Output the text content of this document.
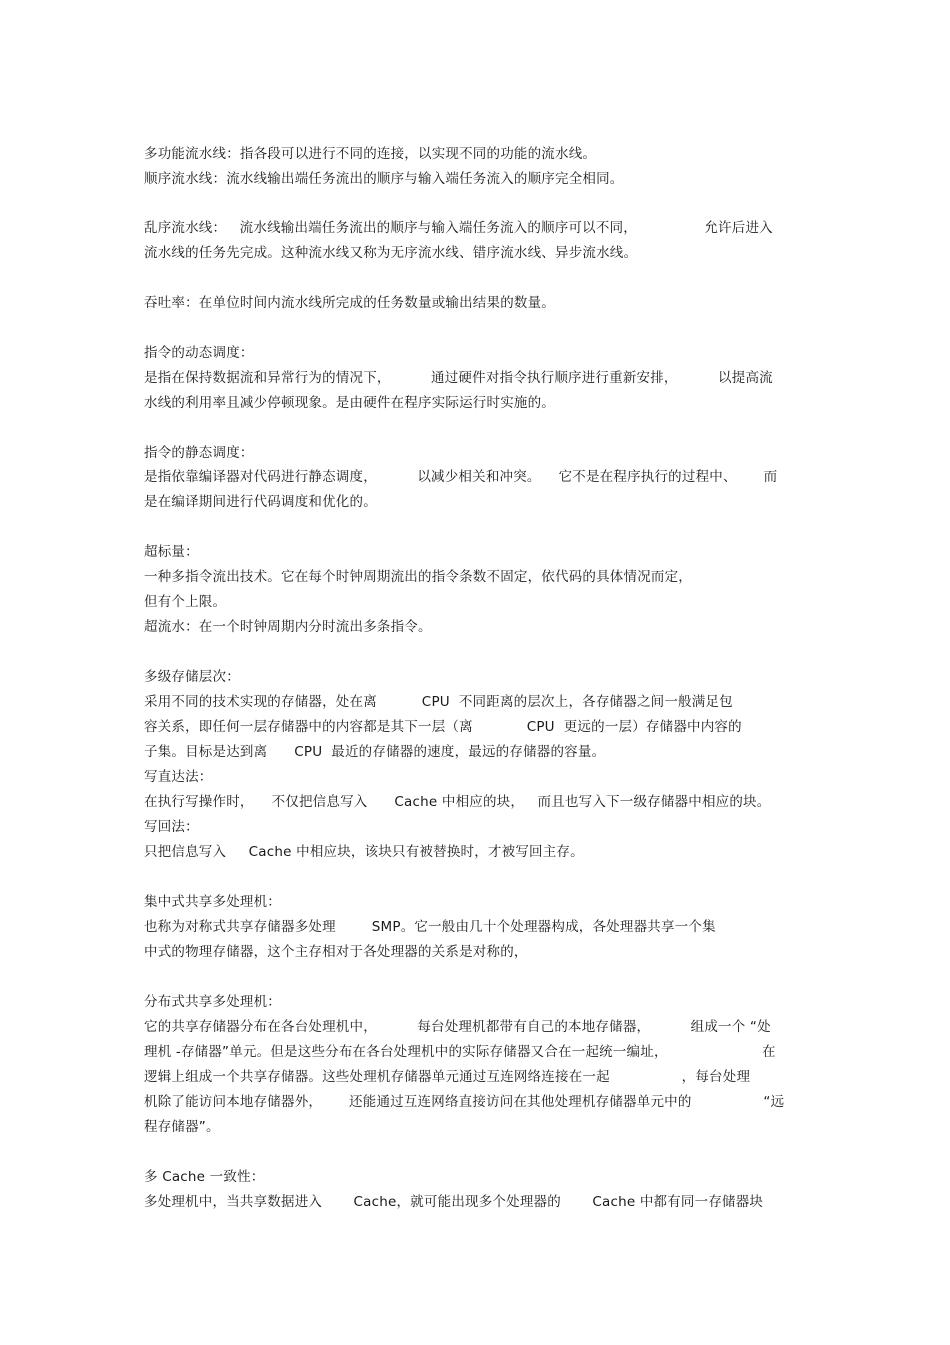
多功能流水线：指各段可以进行不同的连接，以实现不同的功能的流水线。
顺序流水线：流水线输出端任务流出的顺序与输入端任务流入的顺序完全相同。
乱序流水线：   流水线输出端任务流出的顺序与输入端任务流入的顺序可以不同，               允许后进入
流水线的任务先完成。这种流水线又称为无序流水线、错序流水线、异步流水线。
吞吐率：在单位时间内流水线所完成的任务数量或输出结果的数量。
指令的动态调度：
是指在保持数据流和异常行为的情况下，         通过硬件对指令执行顺序进行重新安排，         以提高流
水线的利用率且减少停顿现象。是由硬件在程序实际运行时实施的。
指令的静态调度：
是指依靠编译器对代码进行静态调度，         以减少相关和冲突。    它不是在程序执行的过程中、      而
是在编译期间进行代码调度和优化的。
超标量：
一种多指令流出技术。它在每个时钟周期流出的指令条数不固定，依代码的具体情况而定，
但有个上限。
超流水：在一个时钟周期内分时流出多条指令。
多级存储层次：
采用不同的技术实现的存储器，处在离          CPU  不同距离的层次上，各存储器之间一般满足包
容关系，即任何一层存储器中的内容都是其下一层（离            CPU  更远的一层）存储器中内容的
子集。目标是达到离      CPU  最近的存储器的速度，最远的存储器的容量。
写直达法：
在执行写操作时，    不仅把信息写入      Cache 中相应的块，   而且也写入下一级存储器中相应的块。
写回法：
只把信息写入     Cache 中相应块，该块只有被替换时，才被写回主存。
集中式共享多处理机：
也称为对称式共享存储器多处理        SMP。它一般由几十个处理器构成，各处理器共享一个集
中式的物理存储器，这个主存相对于各处理器的关系是对称的，
分布式共享多处理机：
它的共享存储器分布在各台处理机中，         每台处理机都带有自己的本地存储器，         组成一个 “处
理机 -存储器”单元。但是这些分布在各台处理机中的实际存储器又合在一起统一编址，                     在
逻辑上组成一个共享存储器。这些处理机存储器单元通过互连网络连接在一起                ，每台处理
机除了能访问本地存储器外，      还能通过互连网络直接访问在其他处理机存储器单元中的                “远
程存储器”。
多 Cache 一致性：
多处理机中，当共享数据进入       Cache，就可能出现多个处理器的       Cache 中都有同一存储器块
